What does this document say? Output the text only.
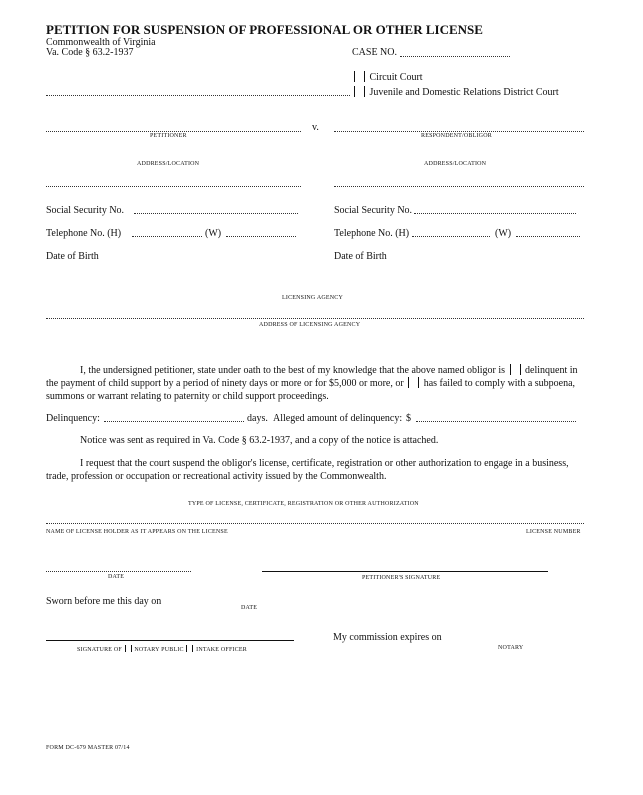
PETITION FOR SUSPENSION OF PROFESSIONAL OR OTHER LICENSE
Commonwealth of Virginia
Va. Code § 63.2-1937	CASE NO.
Circuit Court
Juvenile and Domestic Relations District Court
v.
PETITIONER	RESPONDENT/OBLIGOR
ADDRESS/LOCATION	ADDRESS/LOCATION
Social Security No.	Social Security No.
Telephone No. (H)	(W)	Telephone No. (H)	(W)
Date of Birth	Date of Birth
LICENSING AGENCY
ADDRESS OF LICENSING AGENCY
I, the undersigned petitioner, state under oath to the best of my knowledge that the above named obligor is delinquent in the payment of child support by a period of ninety days or more or for $5,000 or more, or has failed to comply with a subpoena, summons or warrant relating to paternity or child support proceedings.
Delinquency:	days. Alleged amount of delinquency: $
Notice was sent as required in Va. Code § 63.2-1937, and a copy of the notice is attached.
I request that the court suspend the obligor's license, certificate, registration or other authorization to engage in a business, trade, profession or occupation or recreational activity issued by the Commonwealth.
TYPE OF LICENSE, CERTIFICATE, REGISTRATION OR OTHER AUTHORIZATION
NAME OF LICENSE HOLDER AS IT APPEARS ON THE LICENSE	LICENSE NUMBER
DATE	PETITIONER'S SIGNATURE
Sworn before me this day on
DATE
My commission expires on
SIGNATURE OF NOTARY PUBLIC INTAKE OFFICER	NOTARY
FORM DC-679 MASTER 07/14
